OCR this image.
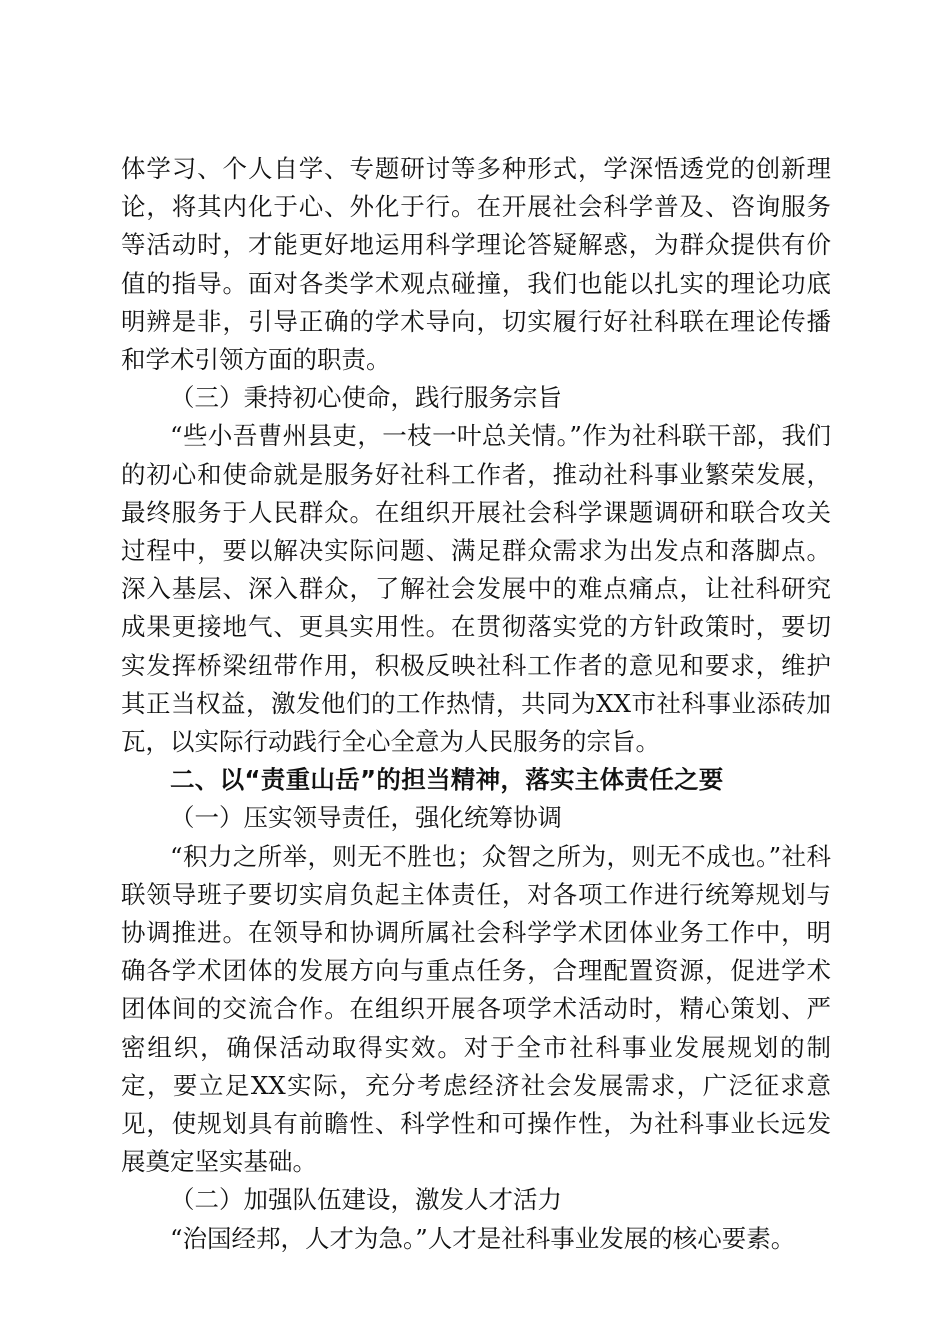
体学习、个人自学、专题研讨等多种形式，学深悟透党的创新理论，将其内化于心、外化于行。在开展社会科学普及、咨询服务等活动时，才能更好地运用科学理论答疑解惑，为群众提供有价值的指导。面对各类学术观点碰撞，我们也能以扎实的理论功底明辨是非，引导正确的学术导向，切实履行好社科联在理论传播和学术引领方面的职责。

（三）秉持初心使命，践行服务宗旨

“些小吾曹州县吏，一枝一叶总关情。”作为社科联干部，我们的初心和使命就是服务好社科工作者，推动社科事业繁荣发展，最终服务于人民群众。在组织开展社会科学课题调研和联合攻关过程中，要以解决实际问题、满足群众需求为出发点和落脚点。深入基层、深入群众，了解社会发展中的难点痛点，让社科研究成果更接地气、更具实用性。在贯彻落实党的方针政策时，要切实发挥桥梁纽带作用，积极反映社科工作者的意见和要求，维护其正当权益，激发他们的工作热情，共同为XX市社科事业添砖加瓦，以实际行动践行全心全意为人民服务的宗旨。

二、以“责重山岳”的担当精神，落实主体责任之要

（一）压实领导责任，强化统筹协调

“积力之所举，则无不胜也；众智之所为，则无不成也。”社科联领导班子要切实肩负起主体责任，对各项工作进行统筹规划与协调推进。在领导和协调所属社会科学学术团体业务工作中，明确各学术团体的发展方向与重点任务，合理配置资源，促进学术团体间的交流合作。在组织开展各项学术活动时，精心策划、严密组织，确保活动取得实效。对于全市社科事业发展规划的制定，要立足XX实际，充分考虑经济社会发展需求，广泛征求意见，使规划具有前瞻性、科学性和可操作性，为社科事业长远发展奠定坚实基础。

（二）加强队伍建设，激发人才活力

“治国经邦，人才为急。”人才是社科事业发展的核心要素。
